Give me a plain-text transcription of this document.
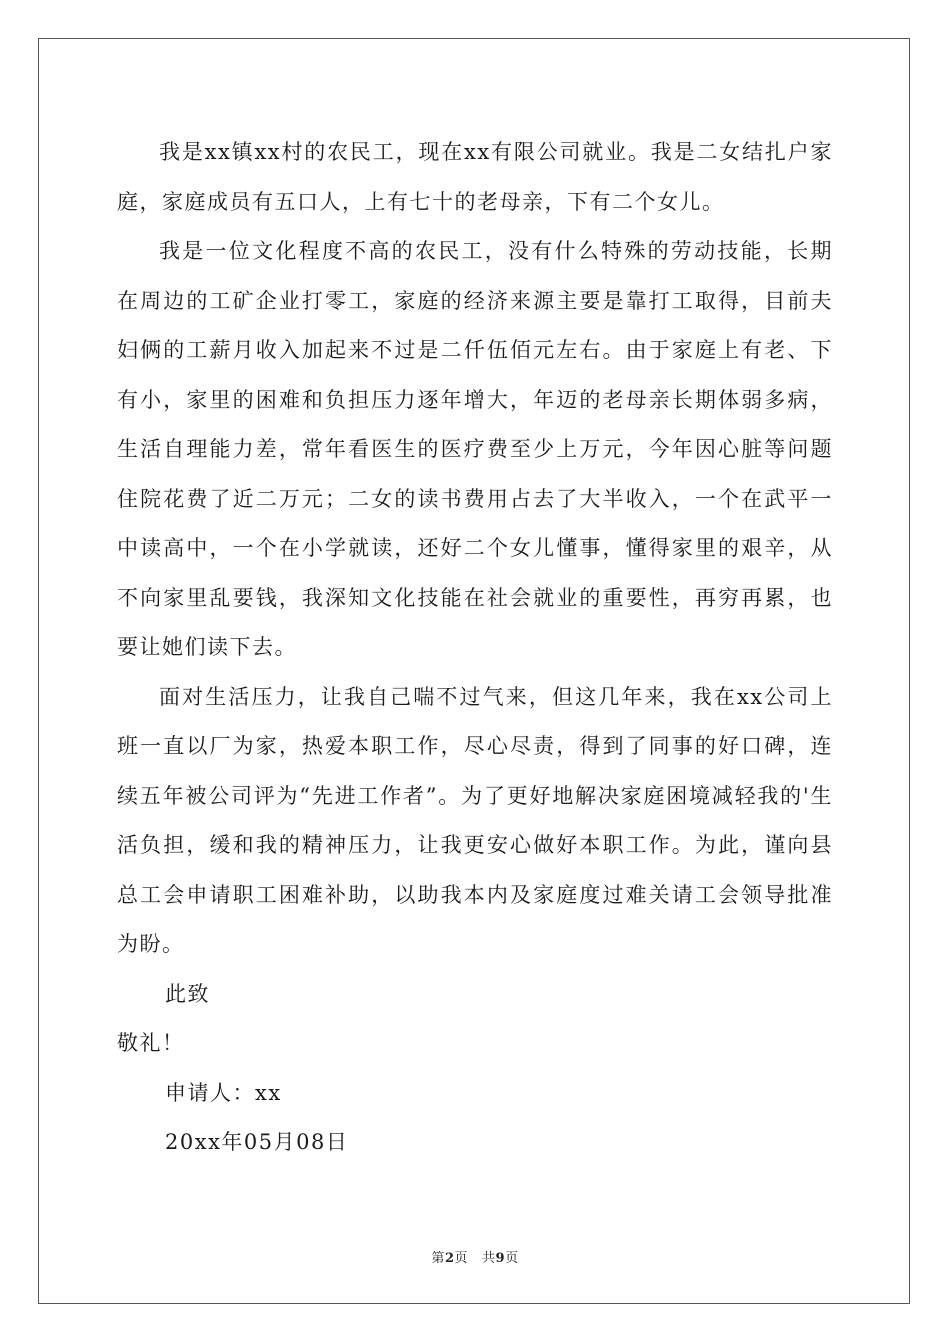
我是xx镇xx村的农民工，现在xx有限公司就业。我是二女结扎户家庭，家庭成员有五口人，上有七十的老母亲，下有二个女儿。

我是一位文化程度不高的农民工，没有什么特殊的劳动技能，长期在周边的工矿企业打零工，家庭的经济来源主要是靠打工取得，目前夫妇俩的工薪月收入加起来不过是二仟伍佰元左右。由于家庭上有老、下有小，家里的困难和负担压力逐年增大，年迈的老母亲长期体弱多病，生活自理能力差，常年看医生的医疗费至少上万元，今年因心脏等问题住院花费了近二万元；二女的读书费用占去了大半收入，一个在武平一中读高中，一个在小学就读，还好二个女儿懂事，懂得家里的艰辛，从不向家里乱要钱，我深知文化技能在社会就业的重要性，再穷再累，也要让她们读下去。

面对生活压力，让我自己喘不过气来，但这几年来，我在xx公司上班一直以厂为家，热爱本职工作，尽心尽责，得到了同事的好口碑，连续五年被公司评为“先进工作者”。为了更好地解决家庭困境减轻我的'生活负担，缓和我的精神压力，让我更安心做好本职工作。为此，谨向县总工会申请职工困难补助，以助我本内及家庭度过难关请工会领导批准为盼。

此致

敬礼！

申请人：xx

20xx年05月08日

第2页 共9页
